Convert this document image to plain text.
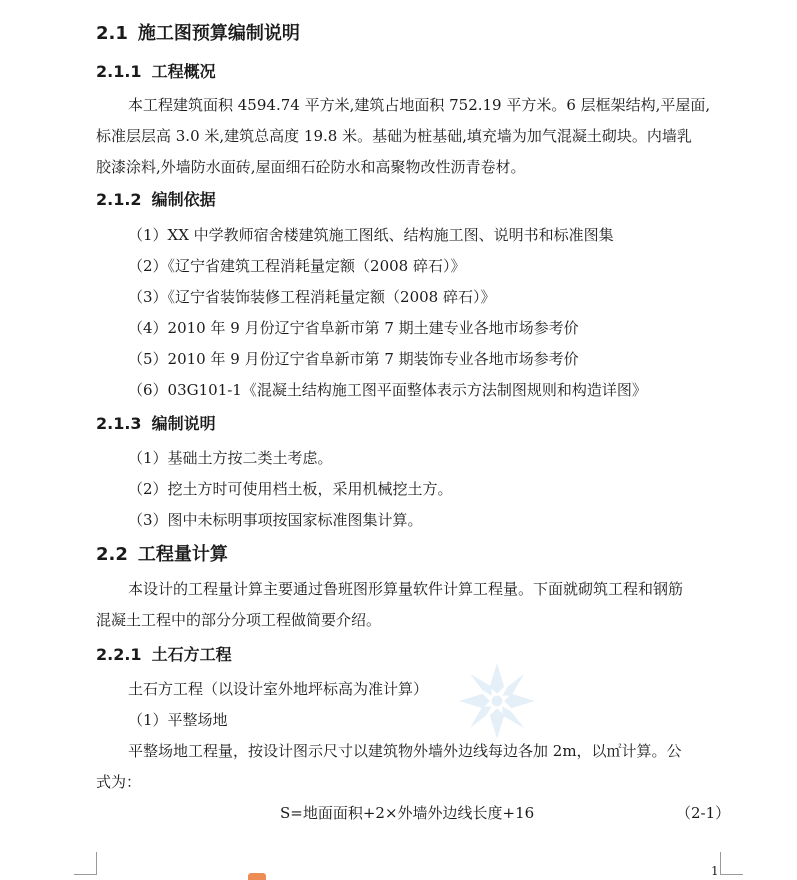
2.1 施工图预算编制说明
2.1.1 工程概况
本工程建筑面积 4594.74 平方米,建筑占地面积 752.19 平方米。6 层框架结构,平屋面,
标准层层高 3.0 米,建筑总高度 19.8 米。基础为桩基础,填充墙为加气混凝土砌块。内墙乳
胶漆涂料,外墙防水面砖,屋面细石砼防水和高聚物改性沥青卷材。
2.1.2 编制依据
（1）XX 中学教师宿舍楼建筑施工图纸、结构施工图、说明书和标准图集
（2）《辽宁省建筑工程消耗量定额（2008 碎石）》
（3）《辽宁省装饰装修工程消耗量定额（2008 碎石）》
（4）2010 年 9 月份辽宁省阜新市第 7 期土建专业各地市场参考价
（5）2010 年 9 月份辽宁省阜新市第 7 期装饰专业各地市场参考价
（6）03G101-1《混凝土结构施工图平面整体表示方法制图规则和构造详图》
2.1.3 编制说明
（1）基础土方按二类土考虑。
（2）挖土方时可使用档土板，采用机械挖土方。
（3）图中未标明事项按国家标准图集计算。
2.2 工程量计算
本设计的工程量计算主要通过鲁班图形算量软件计算工程量。下面就砌筑工程和钢筋
混凝土工程中的部分分项工程做简要介绍。
2.2.1 土石方工程
土石方工程（以设计室外地坪标高为准计算）
（1）平整场地
平整场地工程量，按设计图示尺寸以建筑物外墙外边线每边各加 2m，以㎡计算。公
式为：
S=地面面积+2×外墙外边线长度+16	（2-1）
1
